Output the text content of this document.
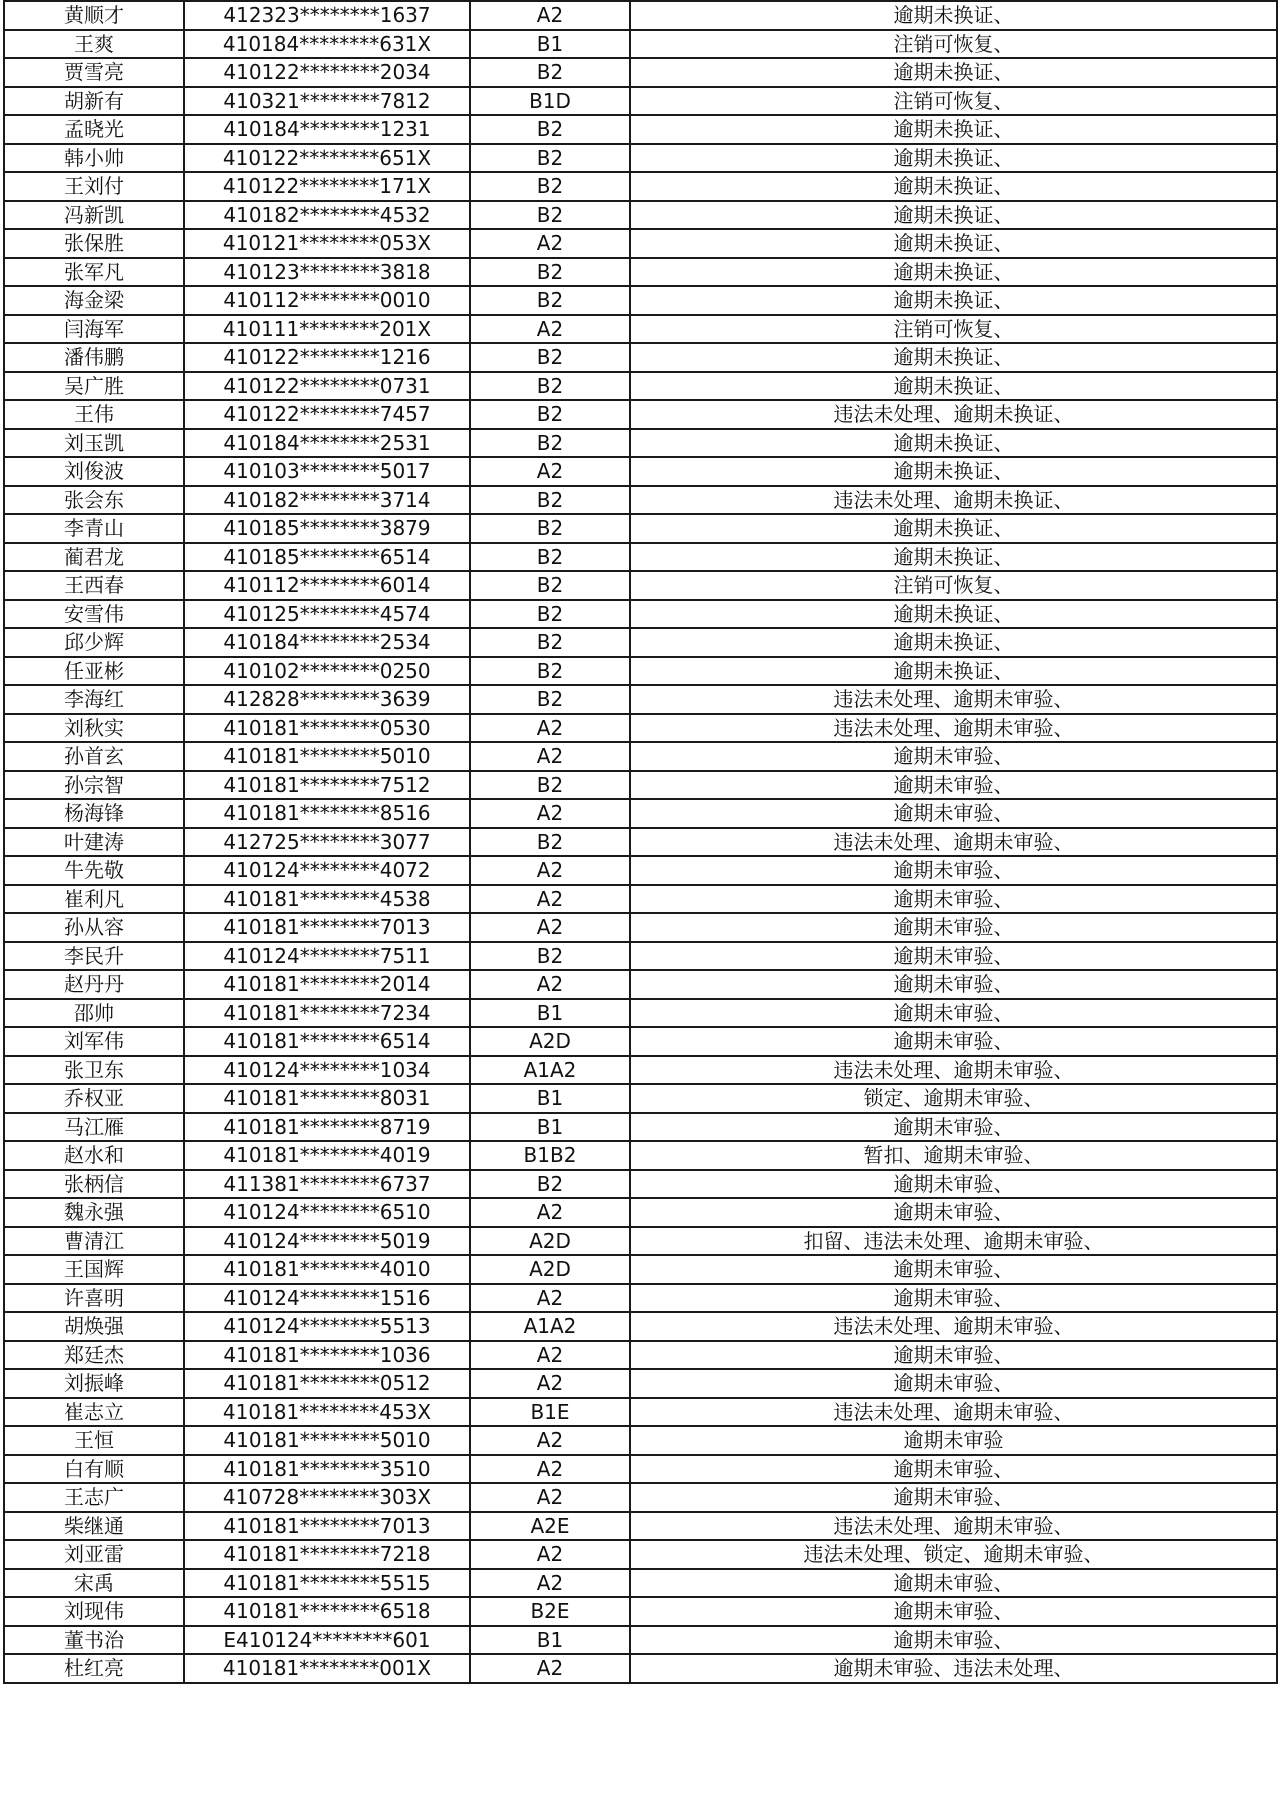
黄顺才	412323********1637	A2	逾期未换证、
王爽	410184********631X	B1	注销可恢复、
贾雪亮	410122********2034	B2	逾期未换证、
胡新有	410321********7812	B1D	注销可恢复、
孟晓光	410184********1231	B2	逾期未换证、
韩小帅	410122********651X	B2	逾期未换证、
王刘付	410122********171X	B2	逾期未换证、
冯新凯	410182********4532	B2	逾期未换证、
张保胜	410121********053X	A2	逾期未换证、
张军凡	410123********3818	B2	逾期未换证、
海金梁	410112********0010	B2	逾期未换证、
闫海军	410111********201X	A2	注销可恢复、
潘伟鹏	410122********1216	B2	逾期未换证、
吴广胜	410122********0731	B2	逾期未换证、
王伟	410122********7457	B2	违法未处理、逾期未换证、
刘玉凯	410184********2531	B2	逾期未换证、
刘俊波	410103********5017	A2	逾期未换证、
张会东	410182********3714	B2	违法未处理、逾期未换证、
李青山	410185********3879	B2	逾期未换证、
蔺君龙	410185********6514	B2	逾期未换证、
王西春	410112********6014	B2	注销可恢复、
安雪伟	410125********4574	B2	逾期未换证、
邱少辉	410184********2534	B2	逾期未换证、
任亚彬	410102********0250	B2	逾期未换证、
李海红	412828********3639	B2	违法未处理、逾期未审验、
刘秋实	410181********0530	A2	违法未处理、逾期未审验、
孙首玄	410181********5010	A2	逾期未审验、
孙宗智	410181********7512	B2	逾期未审验、
杨海锋	410181********8516	A2	逾期未审验、
叶建涛	412725********3077	B2	违法未处理、逾期未审验、
牛先敬	410124********4072	A2	逾期未审验、
崔利凡	410181********4538	A2	逾期未审验、
孙从容	410181********7013	A2	逾期未审验、
李民升	410124********7511	B2	逾期未审验、
赵丹丹	410181********2014	A2	逾期未审验、
邵帅	410181********7234	B1	逾期未审验、
刘军伟	410181********6514	A2D	逾期未审验、
张卫东	410124********1034	A1A2	违法未处理、逾期未审验、
乔权亚	410181********8031	B1	锁定、逾期未审验、
马江雁	410181********8719	B1	逾期未审验、
赵水和	410181********4019	B1B2	暂扣、逾期未审验、
张柄信	411381********6737	B2	逾期未审验、
魏永强	410124********6510	A2	逾期未审验、
曹清江	410124********5019	A2D	扣留、违法未处理、逾期未审验、
王国辉	410181********4010	A2D	逾期未审验、
许喜明	410124********1516	A2	逾期未审验、
胡焕强	410124********5513	A1A2	违法未处理、逾期未审验、
郑廷杰	410181********1036	A2	逾期未审验、
刘振峰	410181********0512	A2	逾期未审验、
崔志立	410181********453X	B1E	违法未处理、逾期未审验、
王恒	410181********5010	A2	逾期未审验
白有顺	410181********3510	A2	逾期未审验、
王志广	410728********303X	A2	逾期未审验、
柴继通	410181********7013	A2E	违法未处理、逾期未审验、
刘亚雷	410181********7218	A2	违法未处理、锁定、逾期未审验、
宋禹	410181********5515	A2	逾期未审验、
刘现伟	410181********6518	B2E	逾期未审验、
董书治	E410124********601	B1	逾期未审验、
杜红亮	410181********001X	A2	逾期未审验、违法未处理、
